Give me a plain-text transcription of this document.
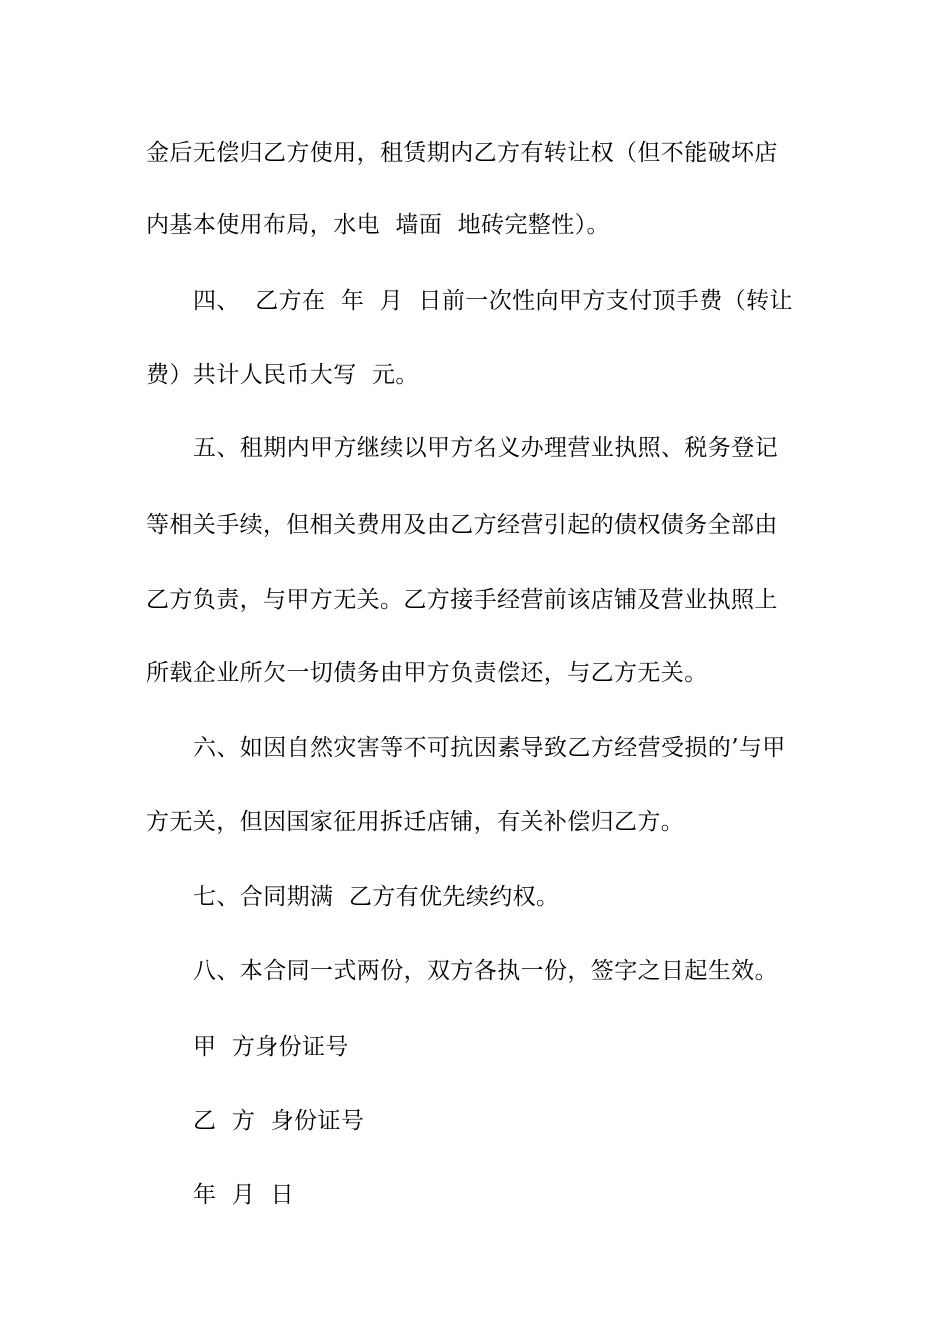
金后无偿归乙方使用，租赁期内乙方有转让权（但不能破坏店
内基本使用布局，水电  墙面  地砖完整性）。
四、  乙方在  年  月  日前一次性向甲方支付顶手费（转让
费）共计人民币大写  元。
五、租期内甲方继续以甲方名义办理营业执照、税务登记
等相关手续，但相关费用及由乙方经营引起的债权债务全部由
乙方负责，与甲方无关。乙方接手经营前该店铺及营业执照上
所载企业所欠一切债务由甲方负责偿还，与乙方无关。
六、如因自然灾害等不可抗因素导致乙方经营受损的’与甲
方无关，但因国家征用拆迁店铺，有关补偿归乙方。
七、合同期满  乙方有优先续约权。
八、本合同一式两份，双方各执一份，签字之日起生效。
甲  方身份证号
乙  方  身份证号
年  月  日
